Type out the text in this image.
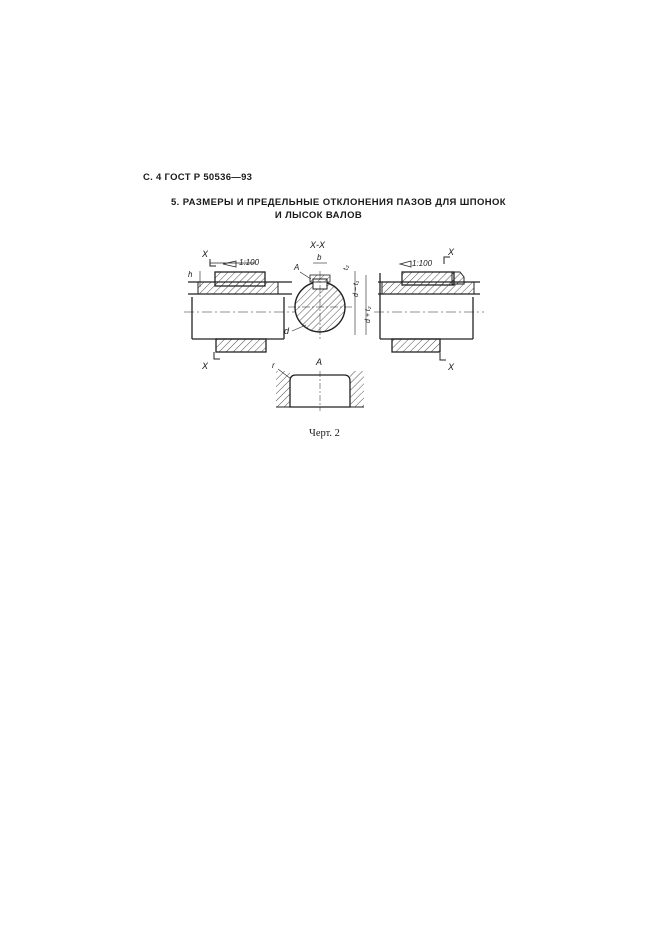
С. 4 ГОСТ Р 50536—93
5. РАЗМЕРЫ И ПРЕДЕЛЬНЫЕ ОТКЛОНЕНИЯ ПАЗОВ ДЛЯ ШПОНОК
И ЛЫСОК ВАЛОВ
1:100
X
X
h
X-X
b
A
d
d − t₁
d + t₂
t₂	1:100
X
X
A
r
Черт. 2
